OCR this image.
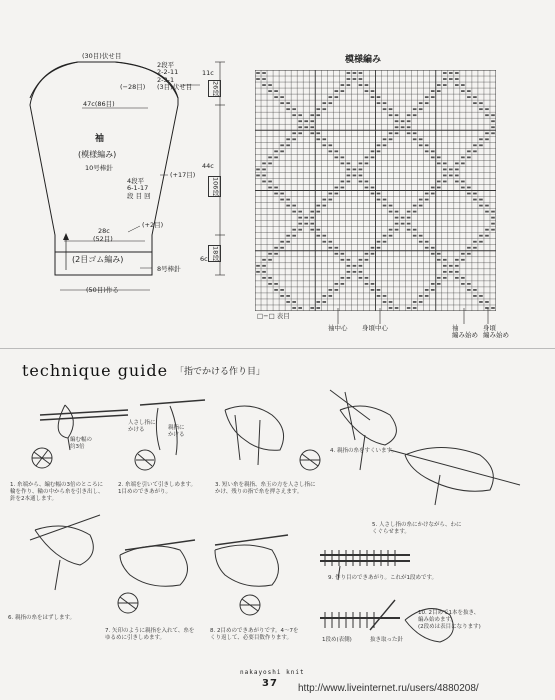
(30目)伏せ目
2段平
2-2-11
2-3-1
(3目)伏せ目
(−28目)
47c(86目)
袖
(模様編み)
10号棒針
4段平
6-1-17
段 目 回
(+17目)
28c
(52目)
(+2目)
(2目ゴム編み)
8号棒針
(50目)作る
11c
26段
44c
106段
6c 18段
模様編み
□−□ 表目
袖中心 身頃中心	袖
編み始め
身頃
編み始め
technique guide 「指でかける作り目」
編む幅の
約3倍
人さし指に
かける	親指に
かける
1. 糸端から、編む幅の3倍のところに
輪を作り、輪の中から糸を引き出し、
針を2本通します。
2. 糸端を引いて引きしめます。
1目めのできあがり。
3. 短い糸を親指、糸玉の方を人さし指に
かけ、残りの指で糸を押さえます。
4. 親指の糸をすくいます。
5. 人さし指の糸にかけながら、わに
くぐらせます。
6. 親指の糸をはずします。
7. 矢印のように親指を入れて、糸を
ゆるめに引きしめます。
8. 2目めのできあがりです。4〜7を
くり返して、必要目数作ります。
9. 作り目のできあがり。これが1段めです。
10. 2目めで1本を抜き、
編み始めます。
(2段めは表目になります)
1段め(表側)	抜き取った針
nakayoshi knit
37 http://www.liveinternet.ru/users/4880208/
